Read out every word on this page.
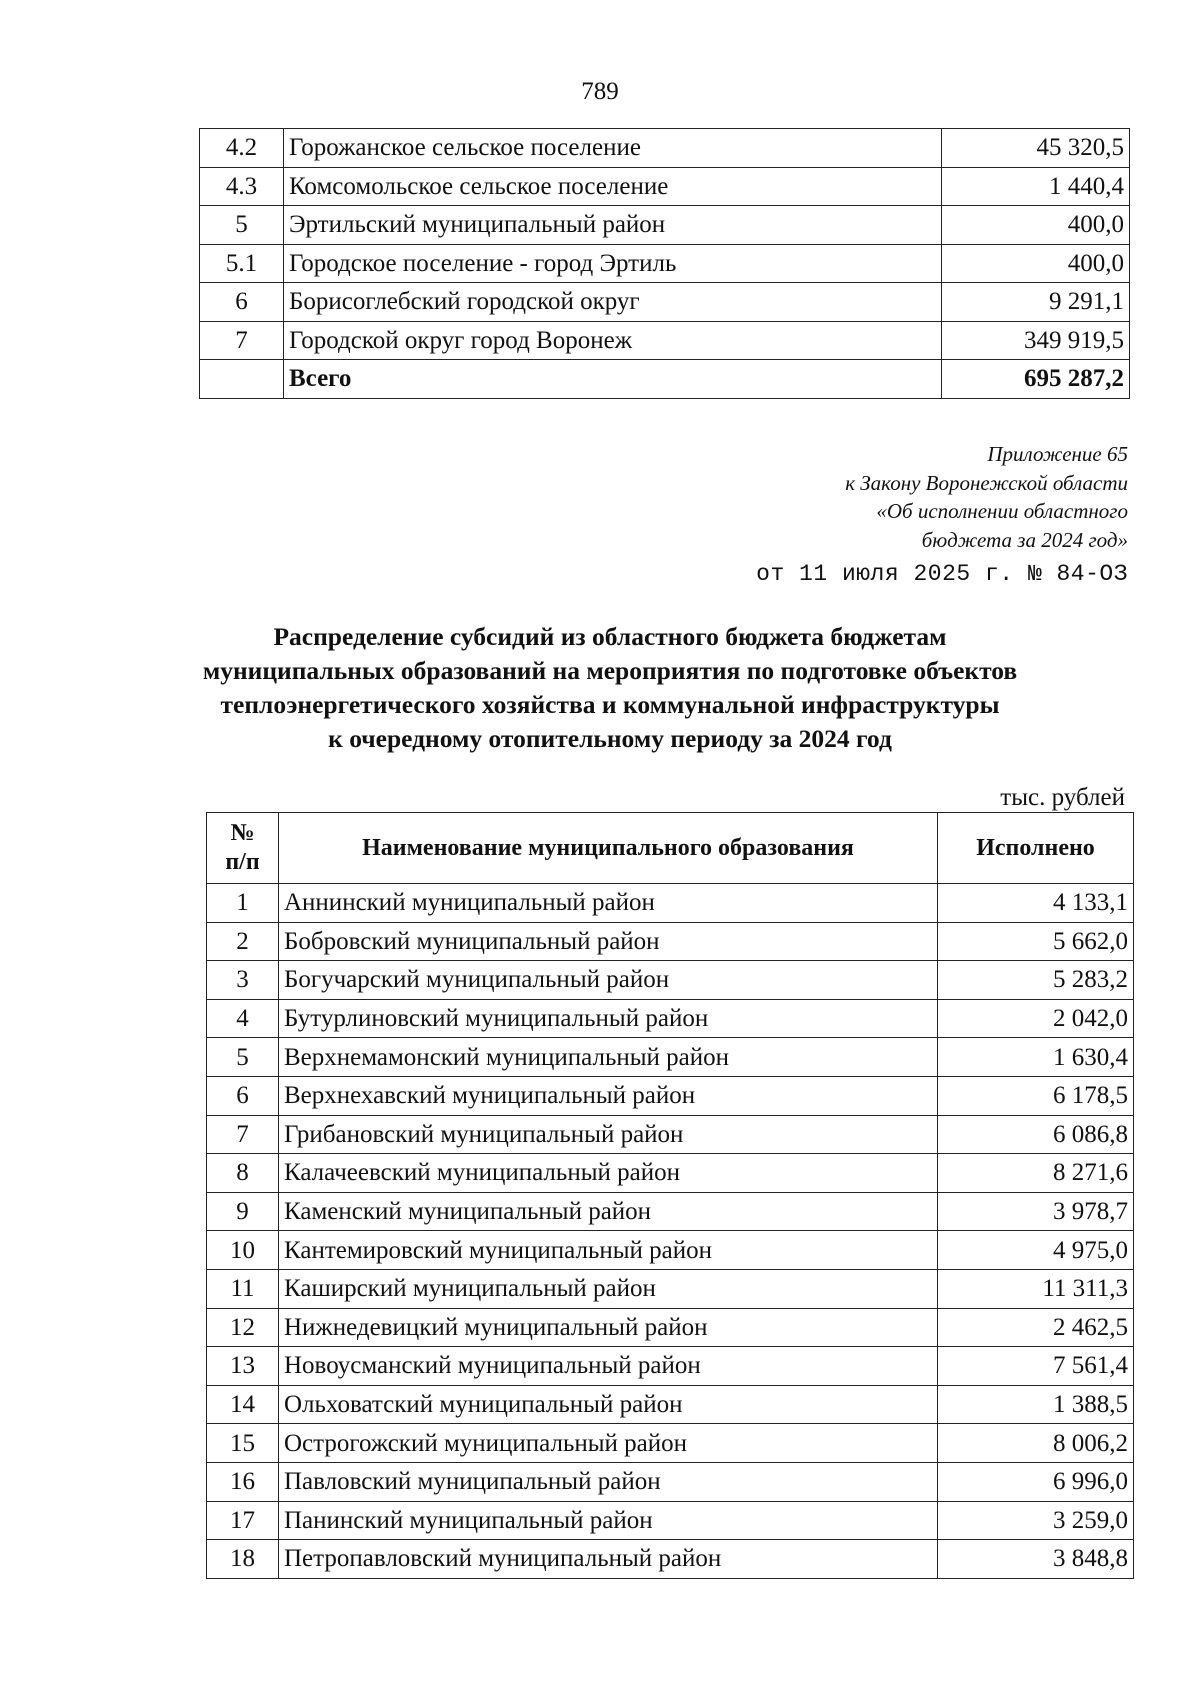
789
4.2	Горожанское сельское поселение	45 320,5
4.3	Комсомольское сельское поселение	1 440,4
5	Эртильский муниципальный район	400,0
5.1	Городское поселение - город Эртиль	400,0
6	Борисоглебский городской округ	9 291,1
7	Городской округ город Воронеж	349 919,5
	Всего	695 287,2
Приложение 65
к Закону Воронежской области
«Об исполнении областного
бюджета за 2024 год»
от 11 июля 2025 г. № 84-ОЗ
Распределение субсидий из областного бюджета бюджетам
муниципальных образований на мероприятия по подготовке объектов
теплоэнергетического хозяйства и коммунальной инфраструктуры
к очередному отопительному периоду за 2024 год
тыс. рублей
№
п/п	Наименование муниципального образования	Исполнено
1	Аннинский муниципальный район	4 133,1
2	Бобровский муниципальный район	5 662,0
3	Богучарский муниципальный район	5 283,2
4	Бутурлиновский муниципальный район	2 042,0
5	Верхнемамонский муниципальный район	1 630,4
6	Верхнехавский муниципальный район	6 178,5
7	Грибановский муниципальный район	6 086,8
8	Калачеевский муниципальный район	8 271,6
9	Каменский муниципальный район	3 978,7
10	Кантемировский муниципальный район	4 975,0
11	Каширский муниципальный район	11 311,3
12	Нижнедевицкий муниципальный район	2 462,5
13	Новоусманский муниципальный район	7 561,4
14	Ольховатский муниципальный район	1 388,5
15	Острогожский муниципальный район	8 006,2
16	Павловский муниципальный район	6 996,0
17	Панинский муниципальный район	3 259,0
18	Петропавловский муниципальный район	3 848,8
